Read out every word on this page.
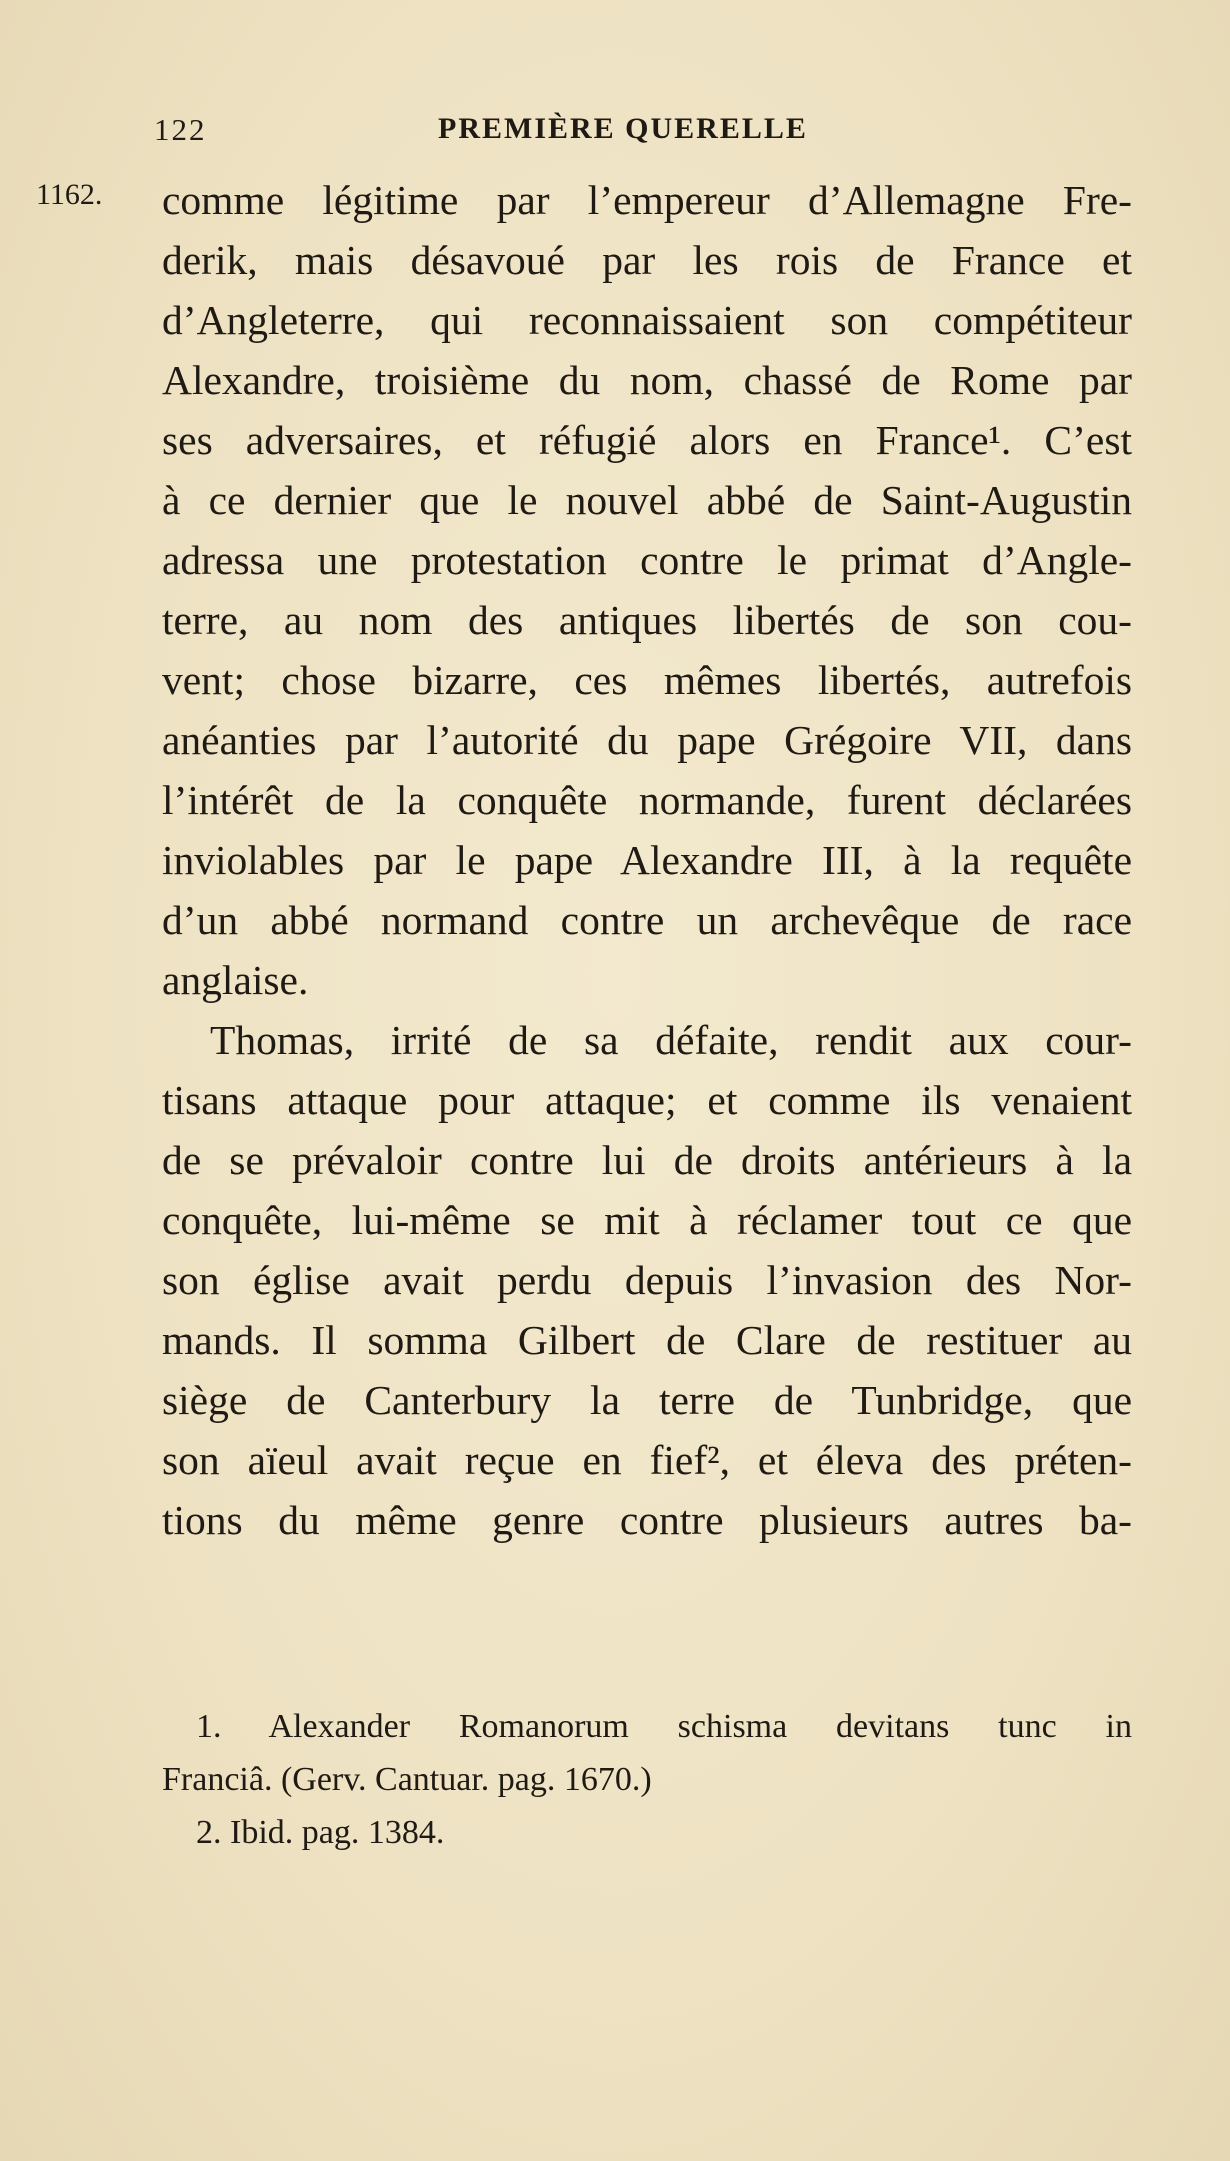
122	PREMIÈRE QUERELLE
1162. comme légitime par l’empereur d’Allemagne Fre-
derik, mais désavoué par les rois de France et
d’Angleterre, qui reconnaissaient son compétiteur
Alexandre, troisième du nom, chassé de Rome par
ses adversaires, et réfugié alors en France¹. C’est
à ce dernier que le nouvel abbé de Saint-Augustin
adressa une protestation contre le primat d’Angle-
terre, au nom des antiques libertés de son cou-
vent; chose bizarre, ces mêmes libertés, autrefois
anéanties par l’autorité du pape Grégoire VII, dans
l’intérêt de la conquête normande, furent déclarées
inviolables par le pape Alexandre III, à la requête
d’un abbé normand contre un archevêque de race
anglaise.
Thomas, irrité de sa défaite, rendit aux cour-
tisans attaque pour attaque; et comme ils venaient
de se prévaloir contre lui de droits antérieurs à la
conquête, lui-même se mit à réclamer tout ce que
son église avait perdu depuis l’invasion des Nor-
mands. Il somma Gilbert de Clare de restituer au
siège de Canterbury la terre de Tunbridge, que
son aïeul avait reçue en fief², et éleva des préten-
tions du même genre contre plusieurs autres ba-
1. Alexander Romanorum schisma devitans tunc in
Franciâ. (Gerv. Cantuar. pag. 1670.)
2. Ibid. pag. 1384.
